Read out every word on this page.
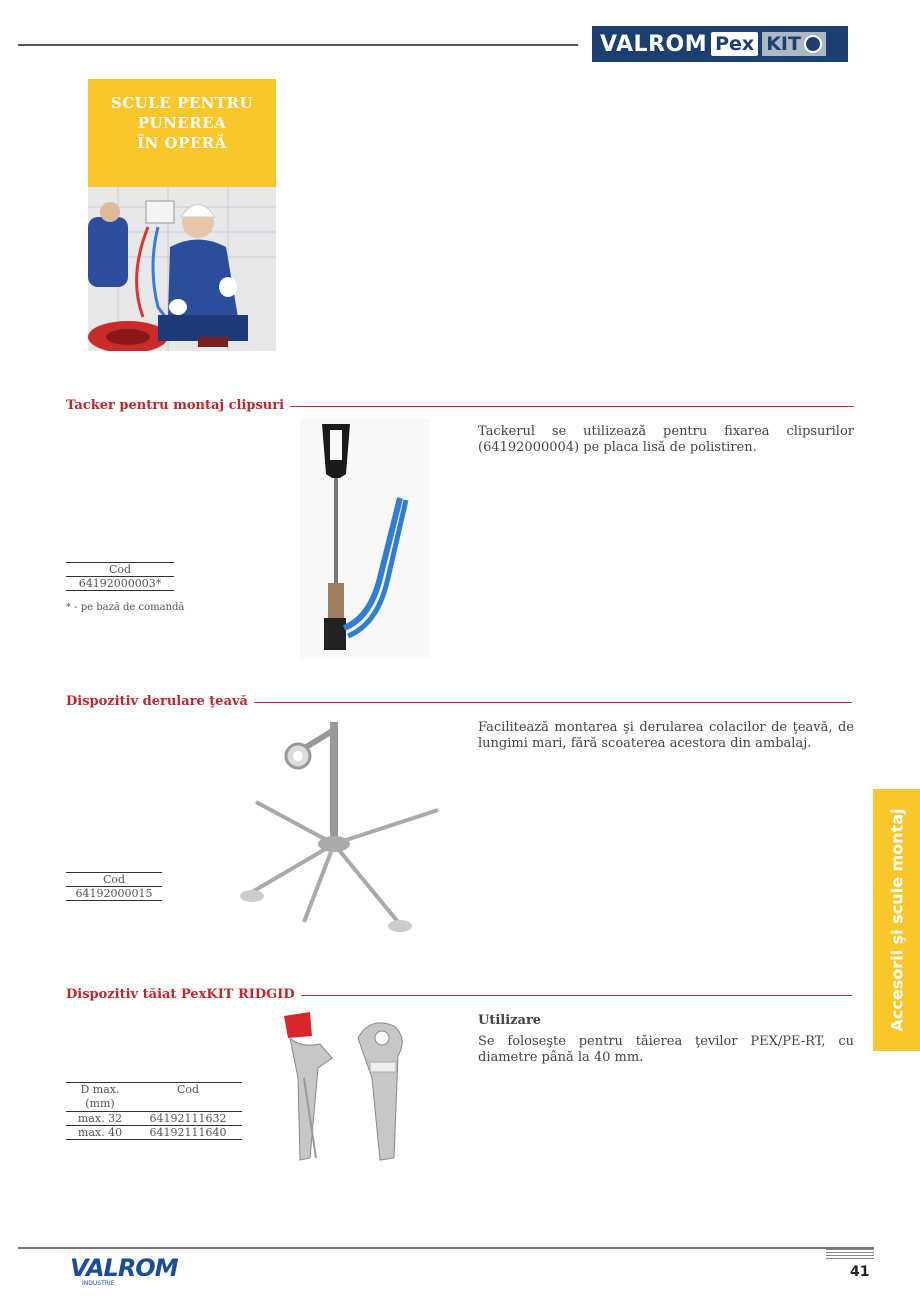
VALROM Pex KIT
SCULE PENTRU
PUNEREA
ÎN OPERĂ
Tacker pentru montaj clipsuri
Tackerul se utilizează pentru fixarea clipsurilor (64192000004) pe placa lisă de polistiren.
Cod
64192000003*
* - pe bază de comandă
Dispozitiv derulare ţeavă
Facilitează montarea şi derularea colacilor de ţeavă, de lungimi mari, fără scoaterea acestora din ambalaj.
Cod
64192000015
Dispozitiv tăiat PexKIT RIDGID
Utilizare
Se foloseşte pentru tăierea ţevilor PEX/PE-RT, cu diametre până la 40 mm.
D max. (mm)	Cod
max. 32	64192111632
max. 40	64192111640
Accesorii şi scule montaj
VALROM
INDUSTRIE
41
